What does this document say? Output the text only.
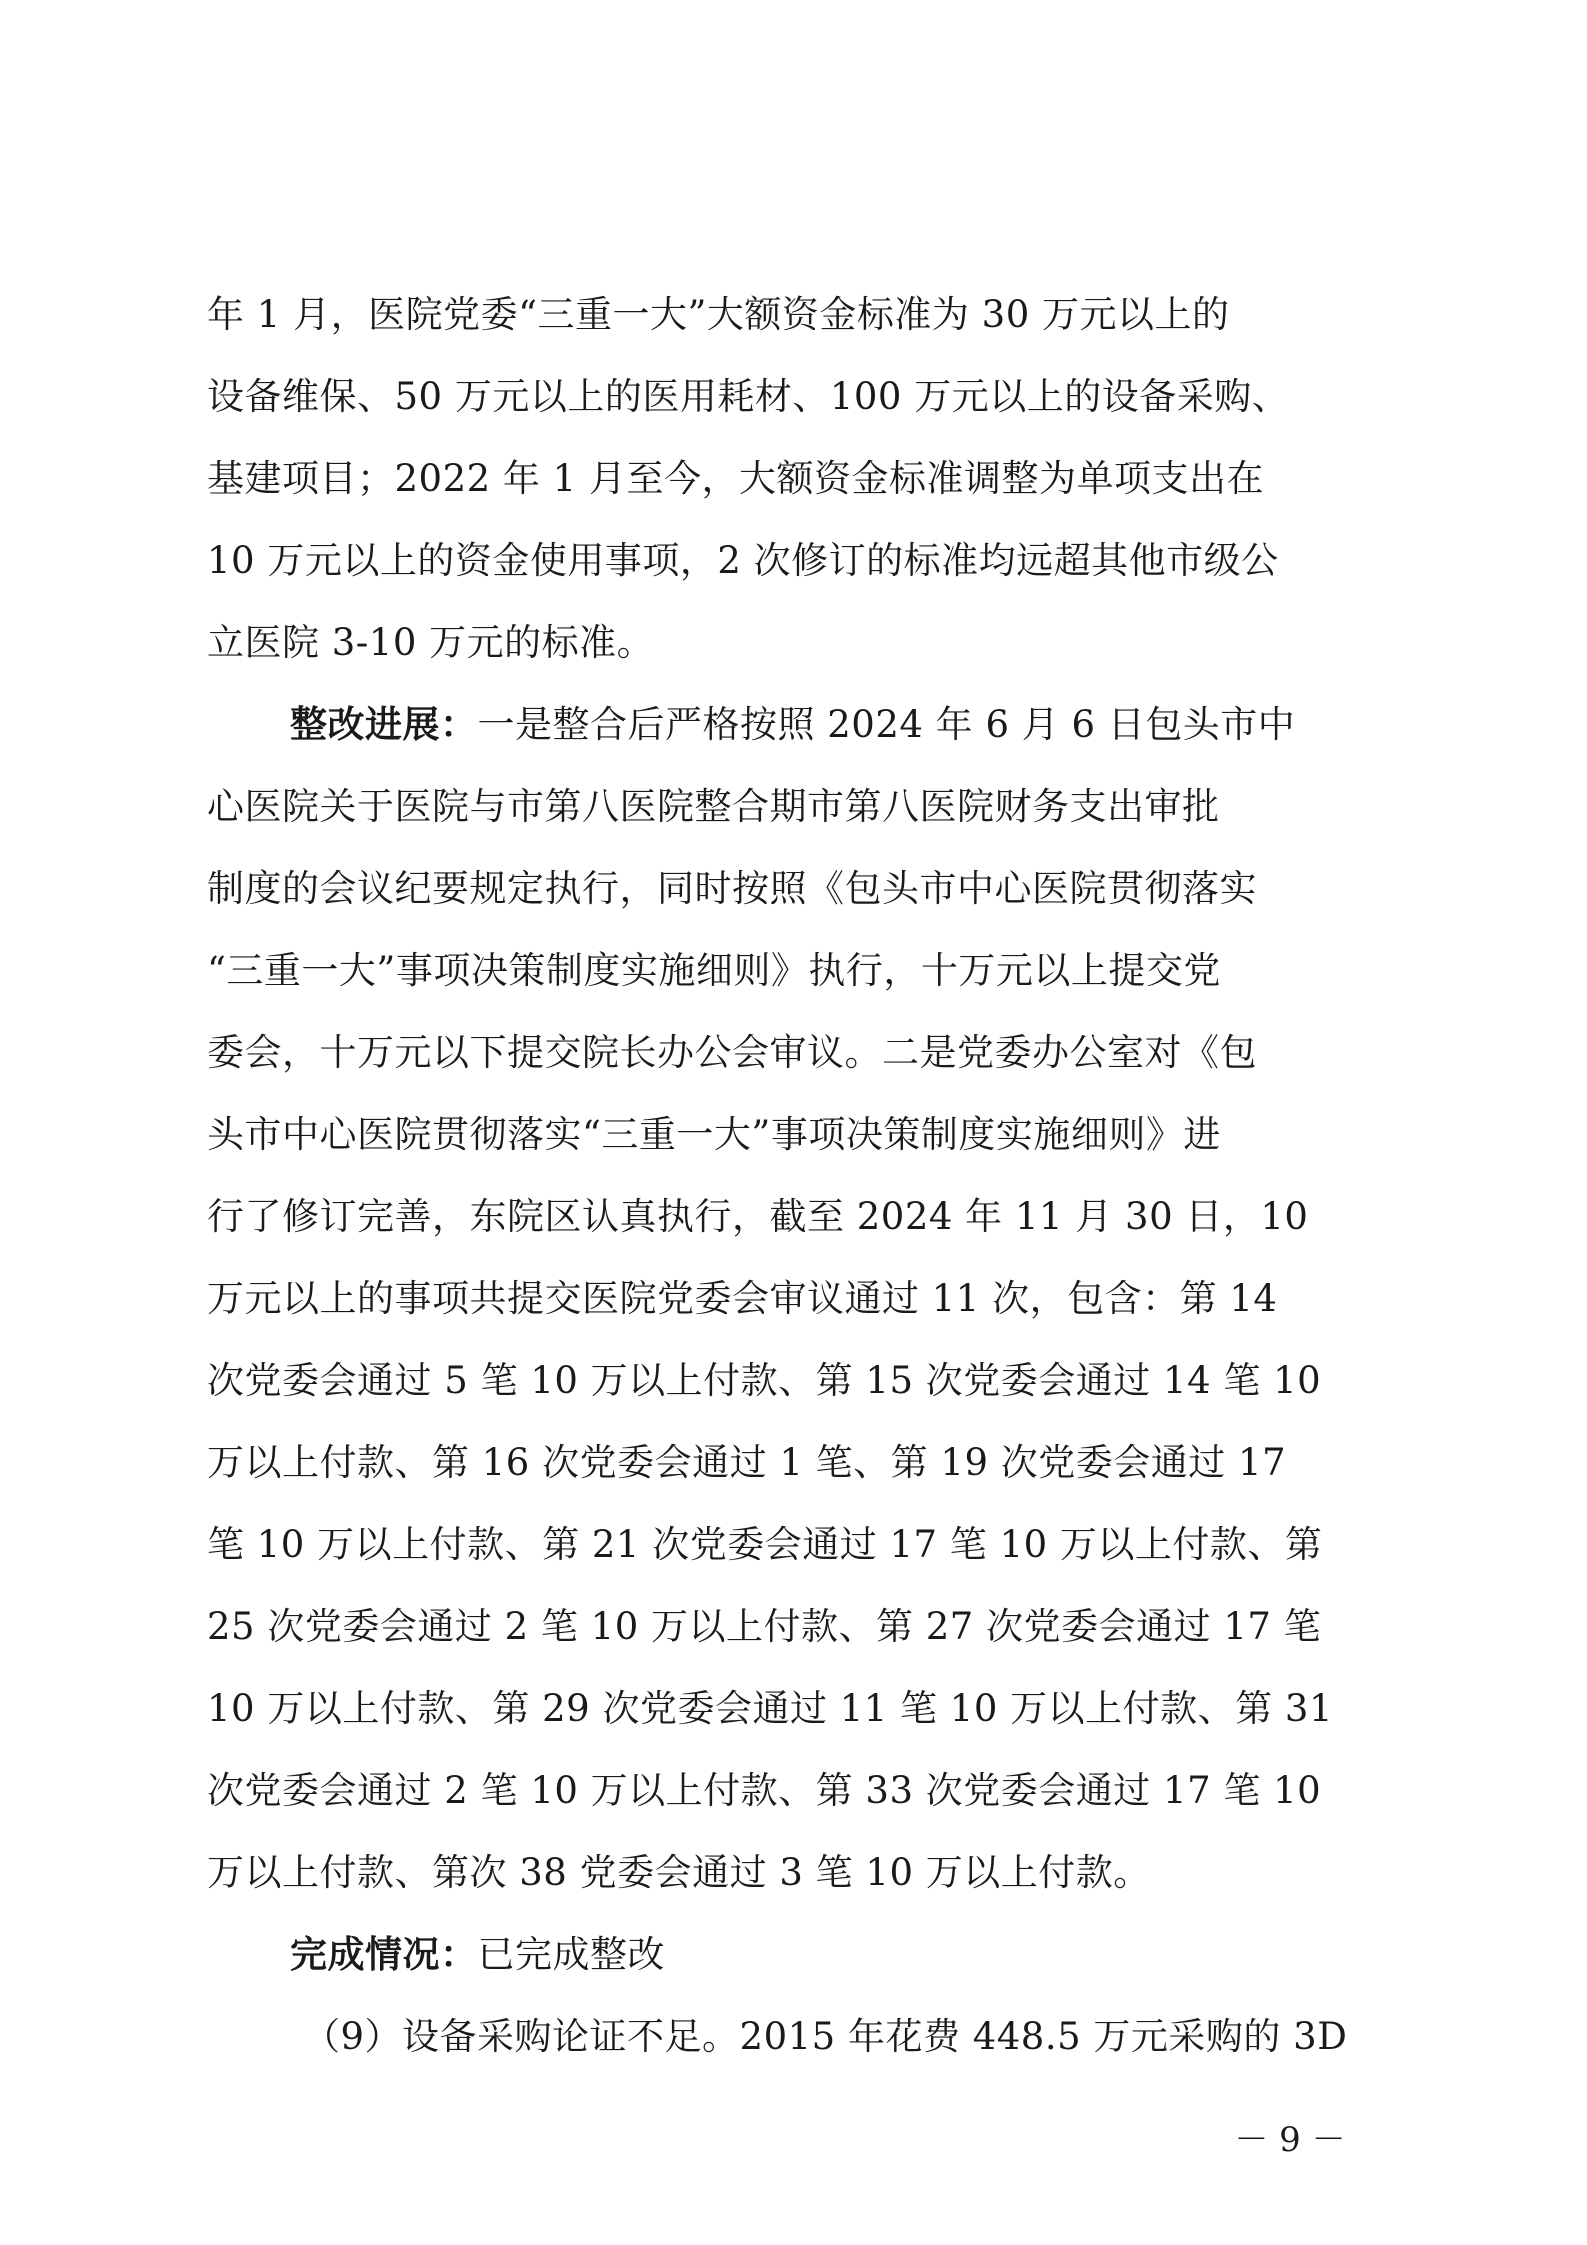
年 1 月，医院党委“三重一大”大额资金标准为 30 万元以上的
设备维保、50 万元以上的医用耗材、100 万元以上的设备采购、
基建项目；2022 年 1 月至今，大额资金标准调整为单项支出在
10 万元以上的资金使用事项，2 次修订的标准均远超其他市级公
立医院 3-10 万元的标准。
整改进展：一是整合后严格按照 2024 年 6 月 6 日包头市中
心医院关于医院与市第八医院整合期市第八医院财务支出审批
制度的会议纪要规定执行，同时按照《包头市中心医院贯彻落实
“三重一大”事项决策制度实施细则》执行，十万元以上提交党
委会，十万元以下提交院长办公会审议。二是党委办公室对《包
头市中心医院贯彻落实“三重一大”事项决策制度实施细则》进
行了修订完善，东院区认真执行，截至 2024 年 11 月 30 日，10
万元以上的事项共提交医院党委会审议通过 11 次，包含：第 14
次党委会通过 5 笔 10 万以上付款、第 15 次党委会通过 14 笔 10
万以上付款、第 16 次党委会通过 1 笔、第 19 次党委会通过 17
笔 10 万以上付款、第 21 次党委会通过 17 笔 10 万以上付款、第
25 次党委会通过 2 笔 10 万以上付款、第 27 次党委会通过 17 笔
10 万以上付款、第 29 次党委会通过 11 笔 10 万以上付款、第 31
次党委会通过 2 笔 10 万以上付款、第 33 次党委会通过 17 笔 10
万以上付款、第次 38 党委会通过 3 笔 10 万以上付款。
完成情况：已完成整改
（9）设备采购论证不足。2015 年花费 448.5 万元采购的 3D
－ 9 －
